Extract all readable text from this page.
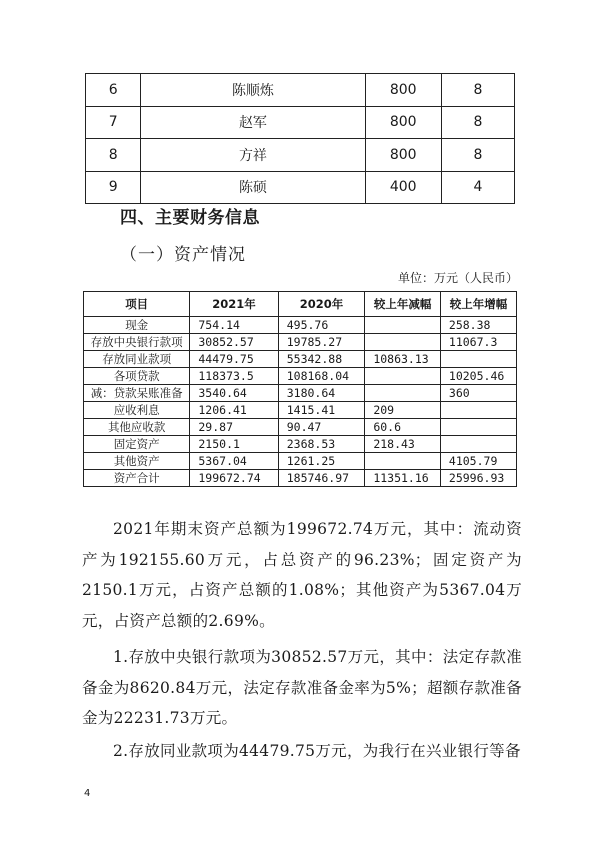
6	陈顺炼	800	8
7	赵军	800	8
8	方祥	800	8
9	陈硕	400	4
四、主要财务信息
（一）资产情况
单位：万元（人民币）
项目	2021年	2020年	较上年减幅	较上年增幅
现金	754.14	495.76		258.38
存放中央银行款项	30852.57	19785.27		11067.3
存放同业款项	44479.75	55342.88	10863.13	
各项贷款	118373.5	108168.04		10205.46
减：贷款呆账准备	3540.64	3180.64		360
应收利息	1206.41	1415.41	209	
其他应收款	29.87	90.47	60.6	
固定资产	2150.1	2368.53	218.43	
其他资产	5367.04	1261.25		4105.79
资产合计	199672.74	185746.97	11351.16	25996.93
2021年期末资产总额为199672.74万元，其中：流动资产为192155.60万元，占总资产的96.23%；固定资产为2150.1万元，占资产总额的1.08%；其他资产为5367.04万元，占资产总额的2.69%。
1.存放中央银行款项为30852.57万元，其中：法定存款准备金为8620.84万元，法定存款准备金率为5%；超额存款准备金为22231.73万元。
2.存放同业款项为44479.75万元，为我行在兴业银行等备
4
